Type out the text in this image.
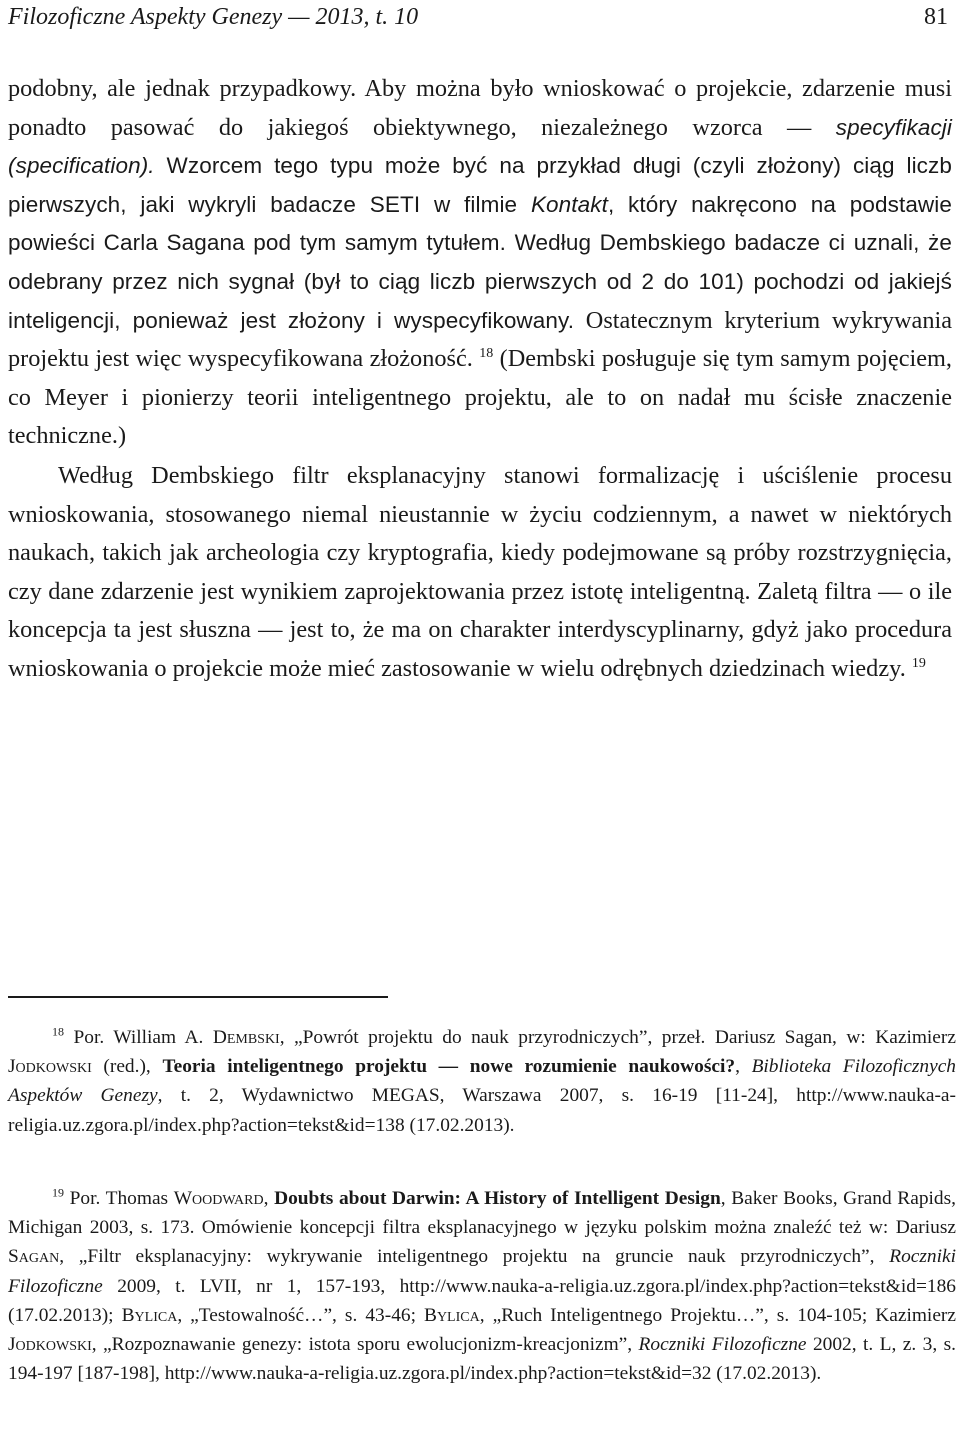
Filozoficzne Aspekty Genezy — 2013, t. 10	81

podobny, ale jednak przypadkowy. Aby można było wnioskować o projekcie, zdarzenie musi ponadto pasować do jakiegoś obiektywnego, niezależnego wzorca — specyfikacji (specification). Wzorcem tego typu może być na przykład długi (czyli złożony) ciąg liczb pierwszych, jaki wykryli badacze SETI w filmie Kontakt, który nakręcono na podstawie powieści Carla Sagana pod tym samym tytułem. Według Dembskiego badacze ci uznali, że odebrany przez nich sygnał (był to ciąg liczb pierwszych od 2 do 101) pochodzi od jakiejś inteligencji, ponieważ jest złożony i wyspecyfikowany. Ostatecznym kryterium wykrywania projektu jest więc wyspecyfikowana złożoność. $^{18}$ (Dembski posługuje się tym samym pojęciem, co Meyer i pionierzy teorii inteligentnego projektu, ale to on nadał mu ścisłe znaczenie techniczne.)

Według Dembskiego filtr eksplanacyjny stanowi formalizację i uściślenie procesu wnioskowania, stosowanego niemal nieustannie w życiu codziennym, a nawet w niektórych naukach, takich jak archeologia czy kryptografia, kiedy podejmowane są próby rozstrzygnięcia, czy dane zdarzenie jest wynikiem zaprojektowania przez istotę inteligentną. Zaletą filtra — o ile koncepcja ta jest słuszna — jest to, że ma on charakter interdyscyplinarny, gdyż jako procedura wnioskowania o projekcie może mieć zastosowanie w wielu odrębnych dziedzinach wiedzy. $^{19}$

$^{18}$ Por. William A. Dembski, „Powrót projektu do nauk przyrodniczych”, przeł. Dariusz Sagan, w: Kazimierz Jodkowski (red.), Teoria inteligentnego projektu — nowe rozumienie naukowości?, Biblioteka Filozoficznych Aspektów Genezy, t. 2, Wydawnictwo MEGAS, Warszawa 2007, s. 16-19 [11-24], http://www.nauka-a-religia.uz.zgora.pl/index.php?action=tekst&id=138 (17.02.2013).

$^{19}$ Por. Thomas Woodward, Doubts about Darwin: A History of Intelligent Design, Baker Books, Grand Rapids, Michigan 2003, s. 173. Omówienie koncepcji filtra eksplanacyjnego w języku polskim można znaleźć też w: Dariusz Sagan, „Filtr eksplanacyjny: wykrywanie inteligentnego projektu na gruncie nauk przyrodniczych”, Roczniki Filozoficzne 2009, t. LVII, nr 1, 157-193, http://www.nauka-a-religia.uz.zgora.pl/index.php?action=tekst&id=186 (17.02.2013); Bylica, „Testowalność…”, s. 43-46; Bylica, „Ruch Inteligentnego Projektu…”, s. 104-105; Kazimierz Jodkowski, „Rozpoznawanie genezy: istota sporu ewolucjonizm-kreacjonizm”, Roczniki Filozoficzne 2002, t. L, z. 3, s. 194-197 [187-198], http://www.nauka-a-religia.uz.zgora.pl/index.php?action=tekst&id=32 (17.02.2013).
